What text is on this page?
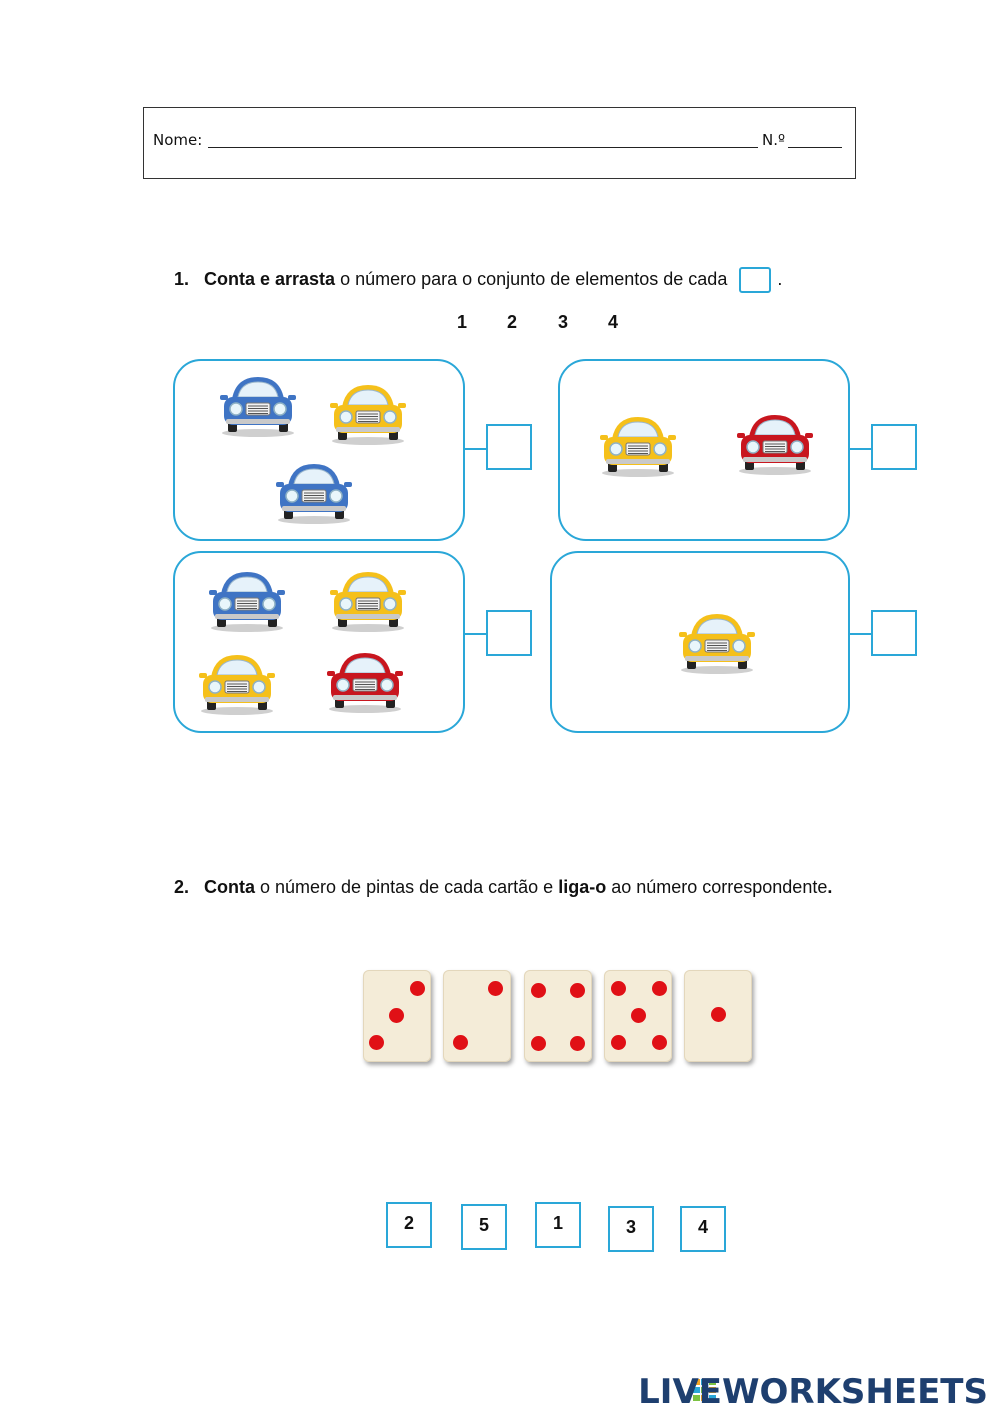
Nome:	N.º
1. Conta e arrasta o número para o conjunto de elementos de cada	.
1 2 3 4
2. Conta o número de pintas de cada cartão e liga-o ao número correspondente.
2	5	1	3	4
LIVEWORKSHEETS
